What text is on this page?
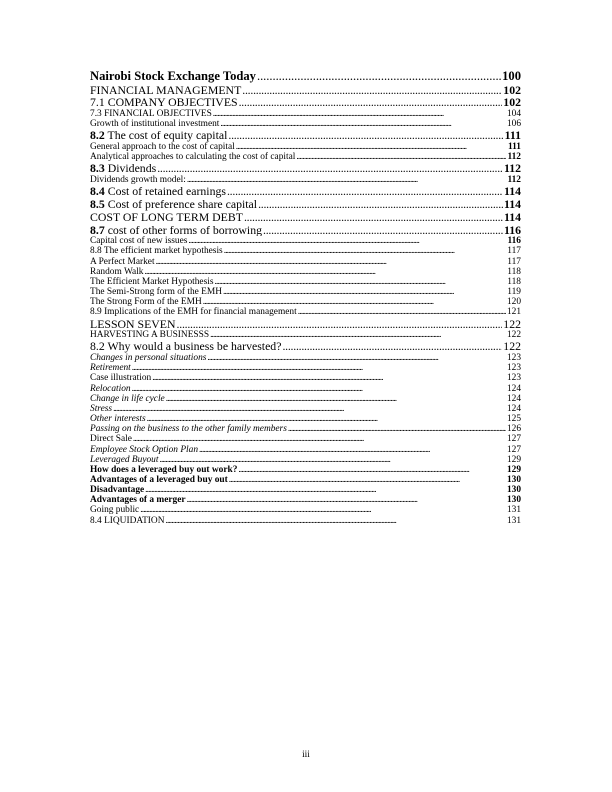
Nairobi Stock Exchange Today . . .	100
FINANCIAL MANAGEMENT . . .	102
7.1 COMPANY OBJECTIVES . . .	102
7.3 FINANCIAL OBJECTIVES . . .	104
Growth of institutional investment . . .	106
8.2 The cost of equity capital . . .	111
General approach to the cost of capital . . .	111
Analytical approaches to calculating the cost of capital . . .	112
8.3 Dividends . . .	112
Dividends growth model: . . .	112
8.4 Cost of retained earnings . . .	114
8.5 Cost of preference share capital . . .	114
COST OF LONG TERM DEBT . . .	114
8.7 cost of other forms of borrowing . . .	116
Capital cost of new issues . . .	116
8.8 The efficient market hypothesis . . .	117
A Perfect Market . . .	117
Random Walk . . .	118
The Efficient Market Hypothesis . . .	118
The Semi-Strong form of the EMH . . .	119
The Strong Form of the EMH . . .	120
8.9 Implications of the EMH for financial management . . .	121
LESSON SEVEN . . .	122
HARVESTING A BUSINESSS . . .	122
8.2 Why would a business be harvested? . . .	122
Changes in personal situations . . .	123
Retirement . . .	123
Case illustration . . .	123
Relocation . . .	124
Change in life cycle . . .	124
Stress . . .	124
Other interests . . .	125
Passing on the business to the other family members . . .	126
Direct Sale . . .	127
Employee Stock Option Plan . . .	127
Leveraged Buyout . . .	129
How does a leveraged buy out work? . . .	129
Advantages of a leveraged buy out . . .	130
Disadvantage . . .	130
Advantages of a merger . . .	130
Going public . . .	131
8.4 LIQUIDATION . . .	131
iii
